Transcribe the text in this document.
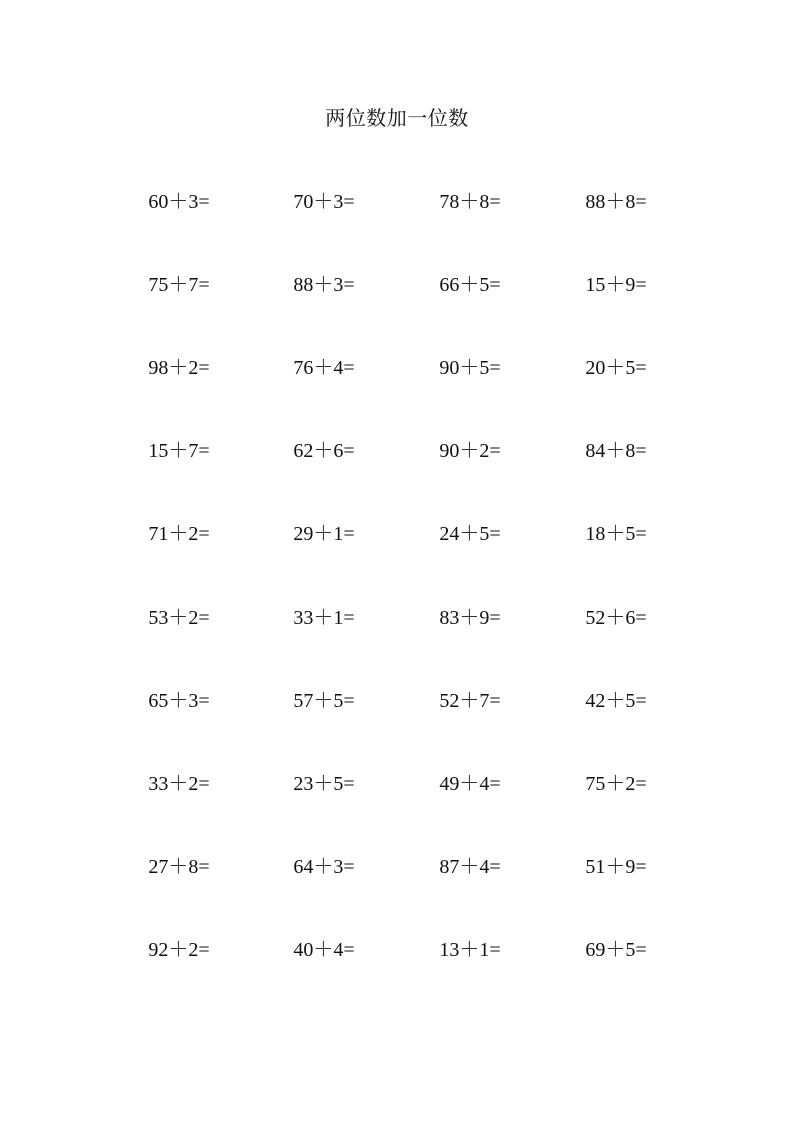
两位数加一位数
60＋3=	70＋3=	78＋8=	88＋8=
75＋7=	88＋3=	66＋5=	15＋9=
98＋2=	76＋4=	90＋5=	20＋5=
15＋7=	62＋6=	90＋2=	84＋8=
71＋2=	29＋1=	24＋5=	18＋5=
53＋2=	33＋1=	83＋9=	52＋6=
65＋3=	57＋5=	52＋7=	42＋5=
33＋2=	23＋5=	49＋4=	75＋2=
27＋8=	64＋3=	87＋4=	51＋9=
92＋2=	40＋4=	13＋1=	69＋5=
